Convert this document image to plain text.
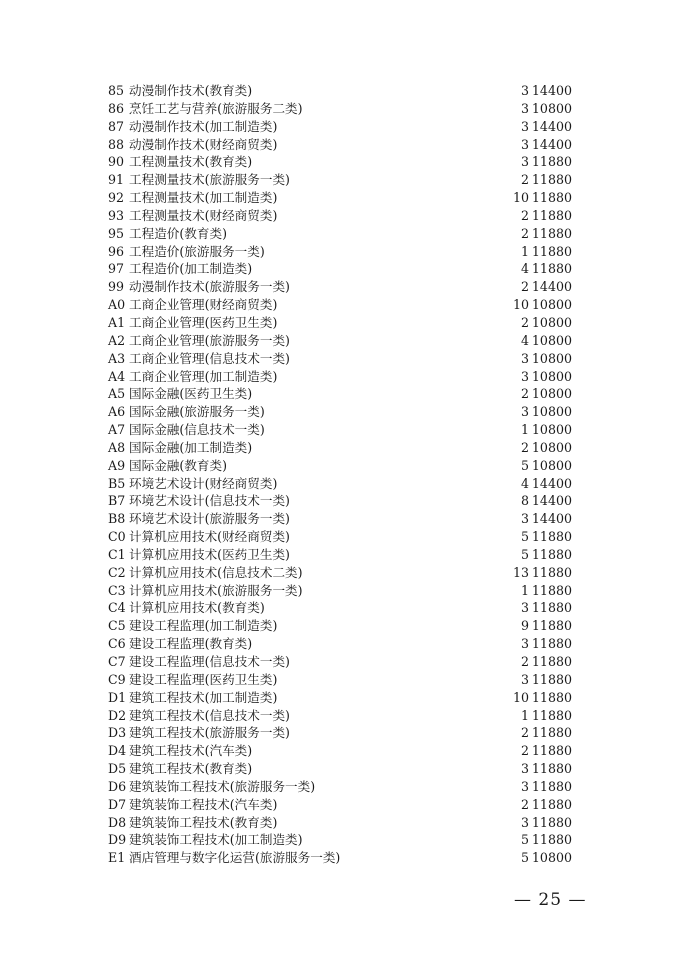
85 动漫制作技术(教育类)	3 14400
86 烹饪工艺与营养(旅游服务二类)	3 10800
87 动漫制作技术(加工制造类)	3 14400
88 动漫制作技术(财经商贸类)	3 14400
90 工程测量技术(教育类)	3 11880
91 工程测量技术(旅游服务一类)	2 11880
92 工程测量技术(加工制造类)	10 11880
93 工程测量技术(财经商贸类)	2 11880
95 工程造价(教育类)	2 11880
96 工程造价(旅游服务一类)	1 11880
97 工程造价(加工制造类)	4 11880
99 动漫制作技术(旅游服务一类)	2 14400
A0 工商企业管理(财经商贸类)	10 10800
A1 工商企业管理(医药卫生类)	2 10800
A2 工商企业管理(旅游服务一类)	4 10800
A3 工商企业管理(信息技术一类)	3 10800
A4 工商企业管理(加工制造类)	3 10800
A5 国际金融(医药卫生类)	2 10800
A6 国际金融(旅游服务一类)	3 10800
A7 国际金融(信息技术一类)	1 10800
A8 国际金融(加工制造类)	2 10800
A9 国际金融(教育类)	5 10800
B5 环境艺术设计(财经商贸类)	4 14400
B7 环境艺术设计(信息技术一类)	8 14400
B8 环境艺术设计(旅游服务一类)	3 14400
C0 计算机应用技术(财经商贸类)	5 11880
C1 计算机应用技术(医药卫生类)	5 11880
C2 计算机应用技术(信息技术二类)	13 11880
C3 计算机应用技术(旅游服务一类)	1 11880
C4 计算机应用技术(教育类)	3 11880
C5 建设工程监理(加工制造类)	9 11880
C6 建设工程监理(教育类)	3 11880
C7 建设工程监理(信息技术一类)	2 11880
C9 建设工程监理(医药卫生类)	3 11880
D1 建筑工程技术(加工制造类)	10 11880
D2 建筑工程技术(信息技术一类)	1 11880
D3 建筑工程技术(旅游服务一类)	2 11880
D4 建筑工程技术(汽车类)	2 11880
D5 建筑工程技术(教育类)	3 11880
D6 建筑装饰工程技术(旅游服务一类)	3 11880
D7 建筑装饰工程技术(汽车类)	2 11880
D8 建筑装饰工程技术(教育类)	3 11880
D9 建筑装饰工程技术(加工制造类)	5 11880
E1 酒店管理与数字化运营(旅游服务一类)	5 10800
— 25 —
